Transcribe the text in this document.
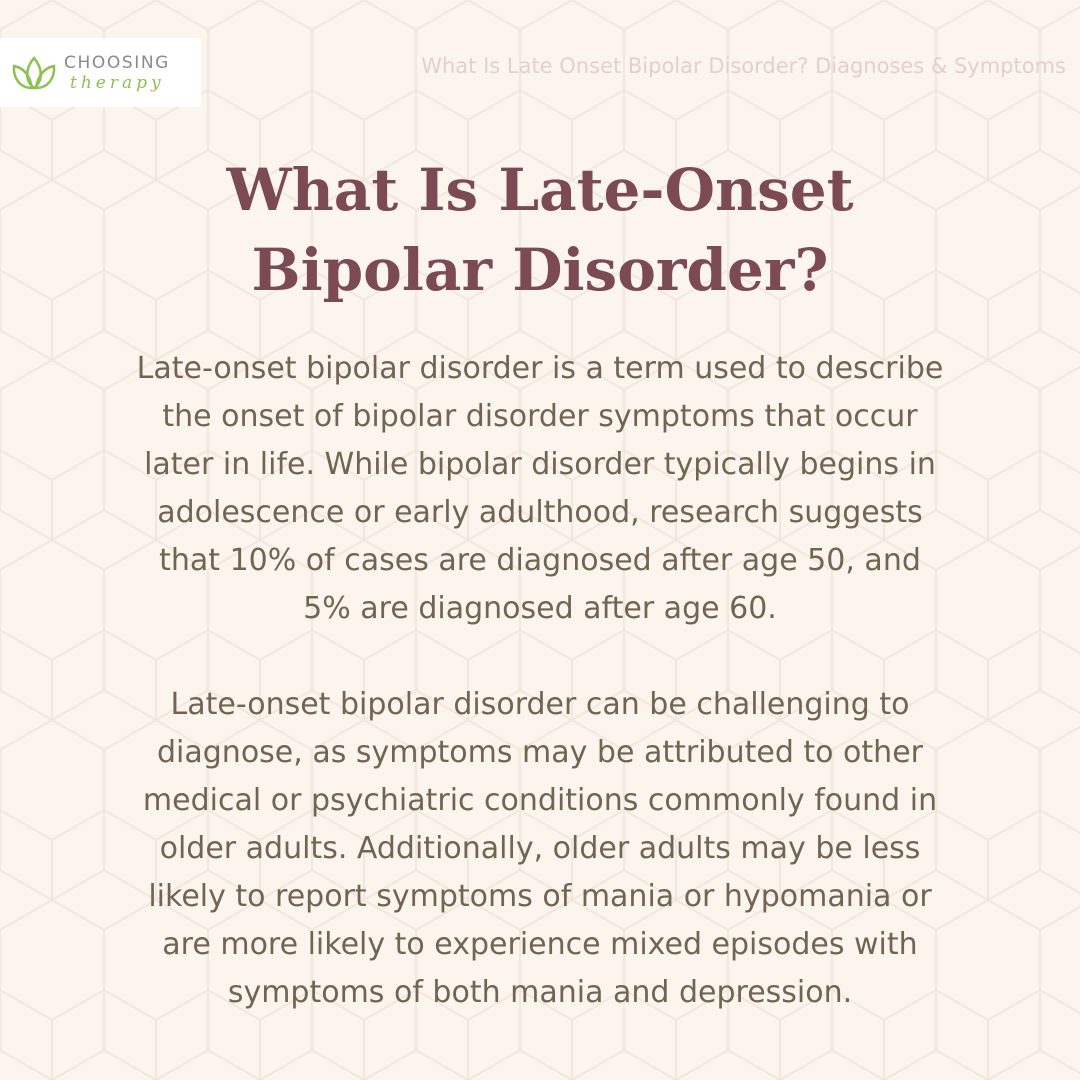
CHOOSING
therapy
What Is Late Onset Bipolar Disorder? Diagnoses & Symptoms
What Is Late-Onset
Bipolar Disorder?
Late-onset bipolar disorder is a term used to describe
the onset of bipolar disorder symptoms that occur
later in life. While bipolar disorder typically begins in
adolescence or early adulthood, research suggests
that 10% of cases are diagnosed after age 50, and
5% are diagnosed after age 60.
Late-onset bipolar disorder can be challenging to
diagnose, as symptoms may be attributed to other
medical or psychiatric conditions commonly found in
older adults. Additionally, older adults may be less
likely to report symptoms of mania or hypomania or
are more likely to experience mixed episodes with
symptoms of both mania and depression.
